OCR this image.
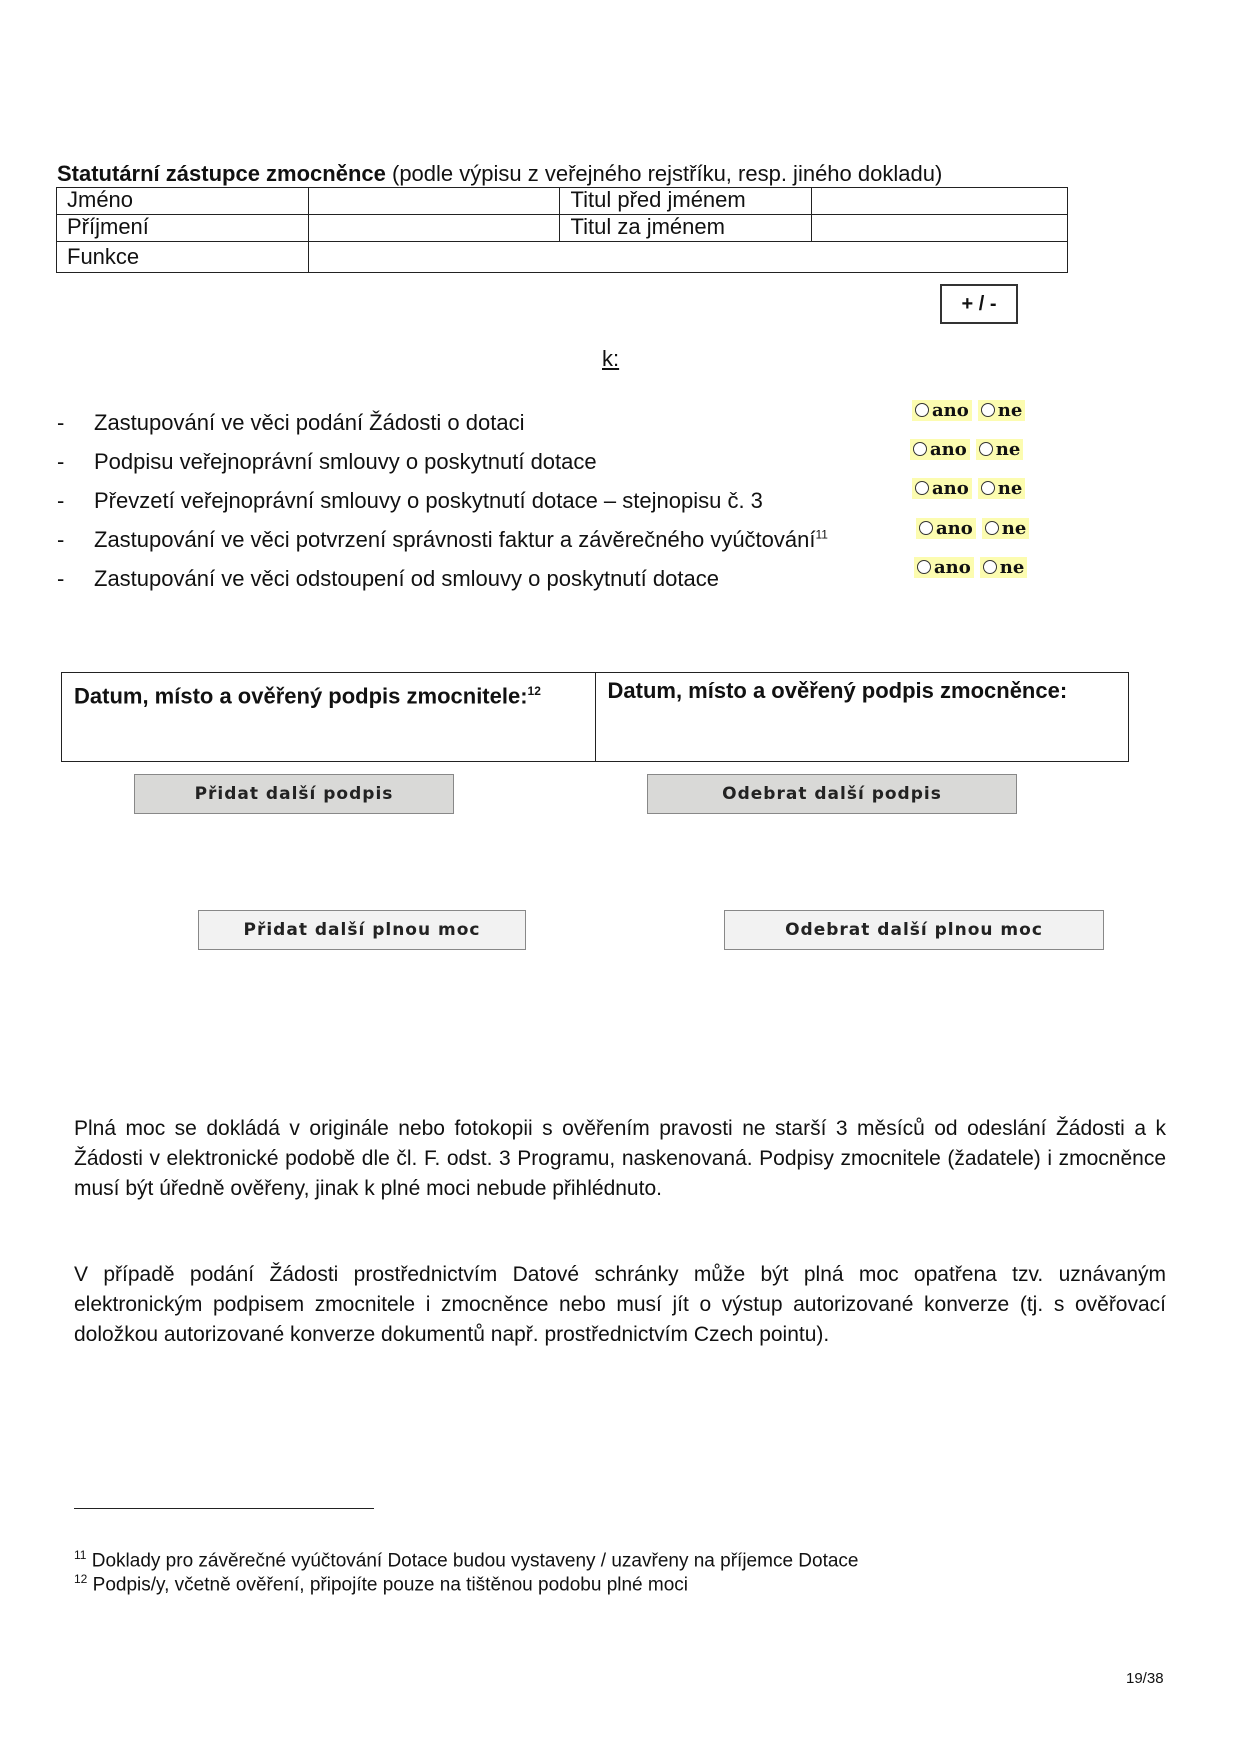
Statutární zástupce zmocněnce (podle výpisu z veřejného rejstříku, resp. jiného dokladu)
Jméno		Titul před jménem	
Příjmení		Titul za jménem	
Funkce			
+ / -
k:
- Zastupování ve věci podání Žádosti o dotaci
- Podpisu veřejnoprávní smlouvy o poskytnutí dotace
- Převzetí veřejnoprávní smlouvy o poskytnutí dotace – stejnopisu č. 3
- Zastupování ve věci potvrzení správnosti faktur a závěrečného vyúčtování$^{11}$
- Zastupování ve věci odstoupení od smlouvy o poskytnutí dotace
ano ne
ano ne
ano ne
ano ne
ano ne
Datum, místo a ověřený podpis zmocnitele:$^{12}$	Datum, místo a ověřený podpis zmocněnce:
Přidat další podpis	Odebrat další podpis
Přidat další plnou moc	Odebrat další plnou moc
Plná moc se dokládá v originále nebo fotokopii s ověřením pravosti ne starší 3 měsíců od odeslání Žádosti a k Žádosti v elektronické podobě dle čl. F. odst. 3 Programu, naskenovaná. Podpisy zmocnitele (žadatele) i zmocněnce musí být úředně ověřeny, jinak k plné moci nebude přihlédnuto.
V případě podání Žádosti prostřednictvím Datové schránky může být plná moc opatřena tzv. uznávaným elektronickým podpisem zmocnitele i zmocněnce nebo musí jít o výstup autorizované konverze (tj. s ověřovací doložkou autorizované konverze dokumentů např. prostřednictvím Czech pointu).
$^{11}$ Doklady pro závěrečné vyúčtování Dotace budou vystaveny / uzavřeny na příjemce Dotace
$^{12}$ Podpis/y, včetně ověření, připojíte pouze na tištěnou podobu plné moci
19/38
